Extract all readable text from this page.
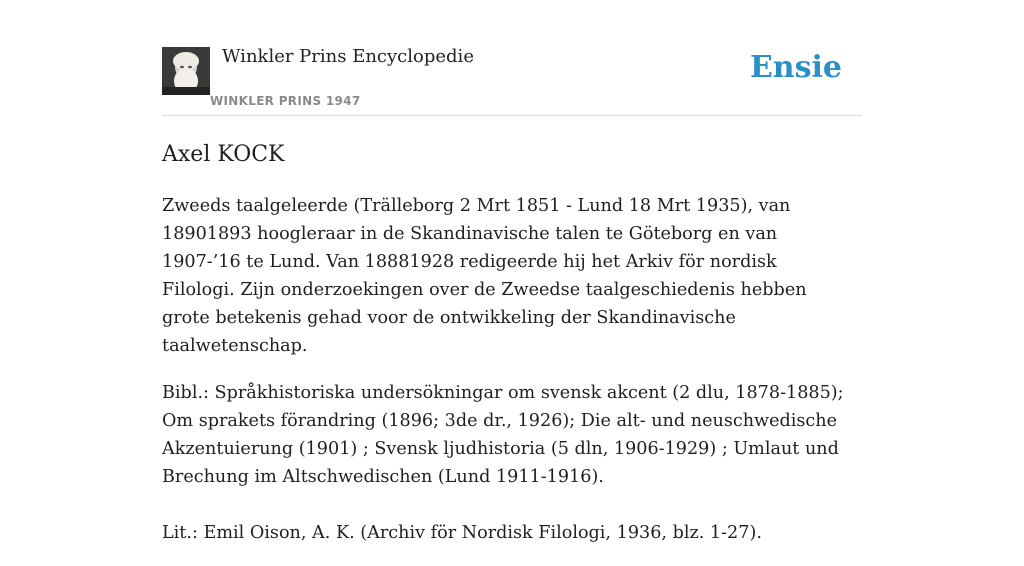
Winkler Prins Encyclopedie
WINKLER PRINS 1947
Ensie
Axel KOCK

Zweeds taalgeleerde (Trälleborg 2 Mrt 1851 - Lund 18 Mrt 1935), van 18901893 hoogleraar in de Skandinavische talen te Göteborg en van 1907-’16 te Lund. Van 18881928 redigeerde hij het Arkiv för nordisk Filologi. Zijn onderzoekingen over de Zweedse taalgeschiedenis hebben grote betekenis gehad voor de ontwikkeling der Skandinavische taalwetenschap.

Bibl.: Språkhistoriska undersökningar om svensk akcent (2 dlu, 1878-1885); Om sprakets förandring (1896; 3de dr., 1926); Die alt- und neuschwedische Akzentuierung (1901) ; Svensk ljudhistoria (5 dln, 1906-1929) ; Umlaut und Brechung im Altschwedischen (Lund 1911-1916).

Lit.: Emil Oison, A. K. (Archiv för Nordisk Filologi, 1936, blz. 1-27).
